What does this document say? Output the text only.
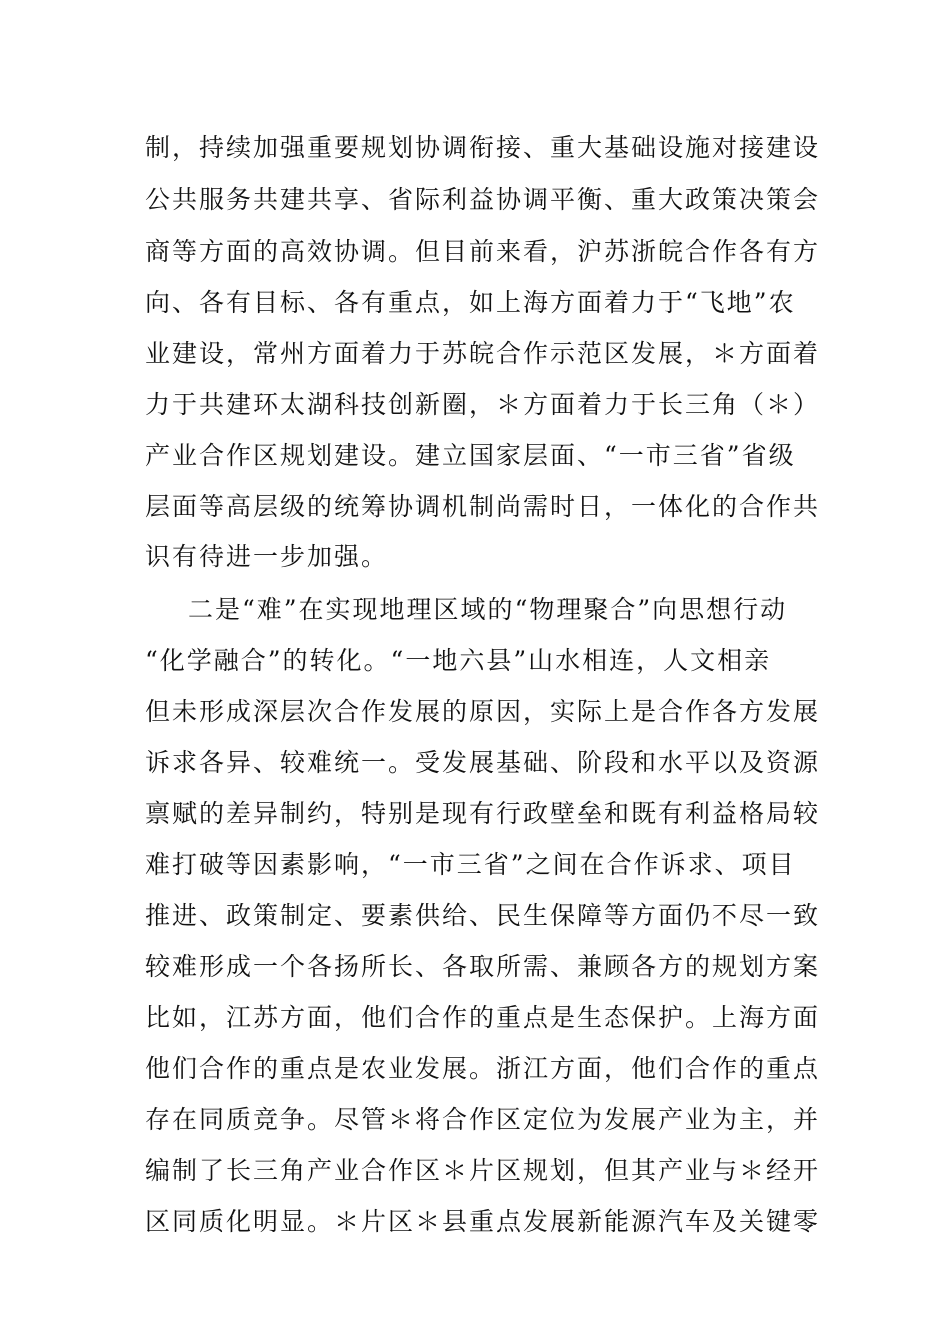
制，持续加强重要规划协调衔接、重大基础设施对接建设
公共服务共建共享、省际利益协调平衡、重大政策决策会
商等方面的高效协调。但目前来看，沪苏浙皖合作各有方
向、各有目标、各有重点，如上海方面着力于“飞地”农
业建设，常州方面着力于苏皖合作示范区发展，＊方面着
力于共建环太湖科技创新圈，＊方面着力于长三角（＊）
产业合作区规划建设。建立国家层面、“一市三省”省级
层面等高层级的统筹协调机制尚需时日，一体化的合作共
识有待进一步加强。
二是“难”在实现地理区域的“物理聚合”向思想行动
“化学融合”的转化。“一地六县”山水相连，人文相亲
但未形成深层次合作发展的原因，实际上是合作各方发展
诉求各异、较难统一。受发展基础、阶段和水平以及资源
禀赋的差异制约，特别是现有行政壁垒和既有利益格局较
难打破等因素影响，“一市三省”之间在合作诉求、项目
推进、政策制定、要素供给、民生保障等方面仍不尽一致
较难形成一个各扬所长、各取所需、兼顾各方的规划方案
比如，江苏方面，他们合作的重点是生态保护。上海方面
他们合作的重点是农业发展。浙江方面，他们合作的重点
存在同质竞争。尽管＊将合作区定位为发展产业为主，并
编制了长三角产业合作区＊片区规划，但其产业与＊经开
区同质化明显。＊片区＊县重点发展新能源汽车及关键零
